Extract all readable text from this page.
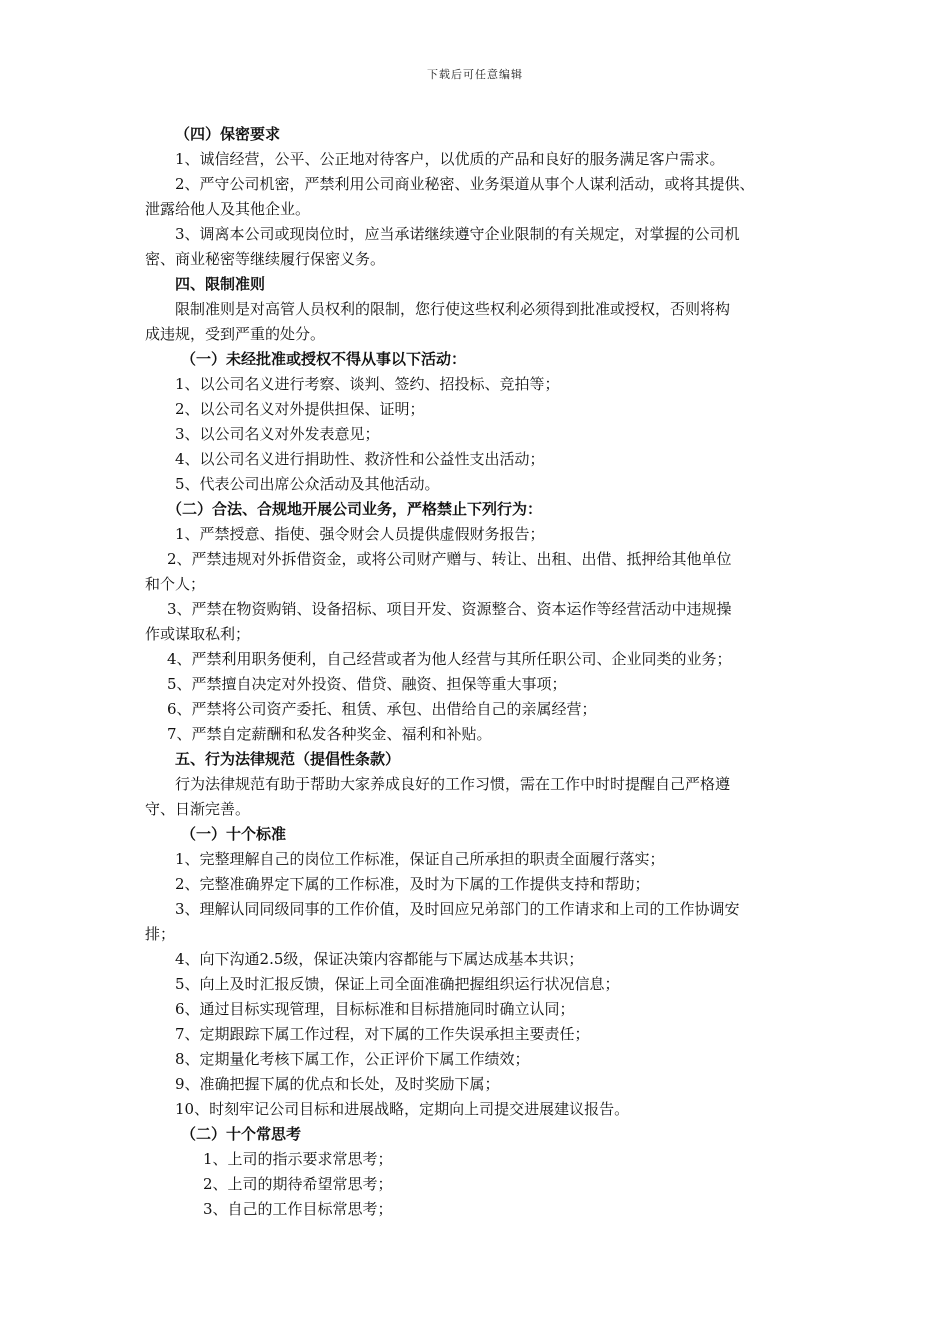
下载后可任意编辑
（四）保密要求
1、诚信经营，公平、公正地对待客户，以优质的产品和良好的服务满足客户需求。
2、严守公司机密，严禁利用公司商业秘密、业务渠道从事个人谋利活动，或将其提供、
泄露给他人及其他企业。
3、调离本公司或现岗位时，应当承诺继续遵守企业限制的有关规定，对掌握的公司机
密、商业秘密等继续履行保密义务。
四、限制准则
限制准则是对高管人员权利的限制，您行使这些权利必须得到批准或授权，否则将构
成违规，受到严重的处分。
（一）未经批准或授权不得从事以下活动：
1、以公司名义进行考察、谈判、签约、招投标、竞拍等；
2、以公司名义对外提供担保、证明；
3、以公司名义对外发表意见；
4、以公司名义进行捐助性、救济性和公益性支出活动；
5、代表公司出席公众活动及其他活动。
（二）合法、合规地开展公司业务，严格禁止下列行为：
1、严禁授意、指使、强令财会人员提供虚假财务报告；
2、严禁违规对外拆借资金，或将公司财产赠与、转让、出租、出借、抵押给其他单位
和个人；
3、严禁在物资购销、设备招标、项目开发、资源整合、资本运作等经营活动中违规操
作或谋取私利；
4、严禁利用职务便利，自己经营或者为他人经营与其所任职公司、企业同类的业务；
5、严禁擅自决定对外投资、借贷、融资、担保等重大事项；
6、严禁将公司资产委托、租赁、承包、出借给自己的亲属经营；
7、严禁自定薪酬和私发各种奖金、福利和补贴。
五、行为法律规范（提倡性条款）
行为法律规范有助于帮助大家养成良好的工作习惯，需在工作中时时提醒自己严格遵
守、日渐完善。
（一）十个标准
1、完整理解自己的岗位工作标准，保证自己所承担的职责全面履行落实；
2、完整准确界定下属的工作标准，及时为下属的工作提供支持和帮助；
3、理解认同同级同事的工作价值，及时回应兄弟部门的工作请求和上司的工作协调安
排；
4、向下沟通2.5级，保证决策内容都能与下属达成基本共识；
5、向上及时汇报反馈，保证上司全面准确把握组织运行状况信息；
6、通过目标实现管理，目标标准和目标措施同时确立认同；
7、定期跟踪下属工作过程，对下属的工作失误承担主要责任；
8、定期量化考核下属工作，公正评价下属工作绩效；
9、准确把握下属的优点和长处，及时奖励下属；
10、时刻牢记公司目标和进展战略，定期向上司提交进展建议报告。
（二）十个常思考
1、上司的指示要求常思考；
2、上司的期待希望常思考；
3、自己的工作目标常思考；
